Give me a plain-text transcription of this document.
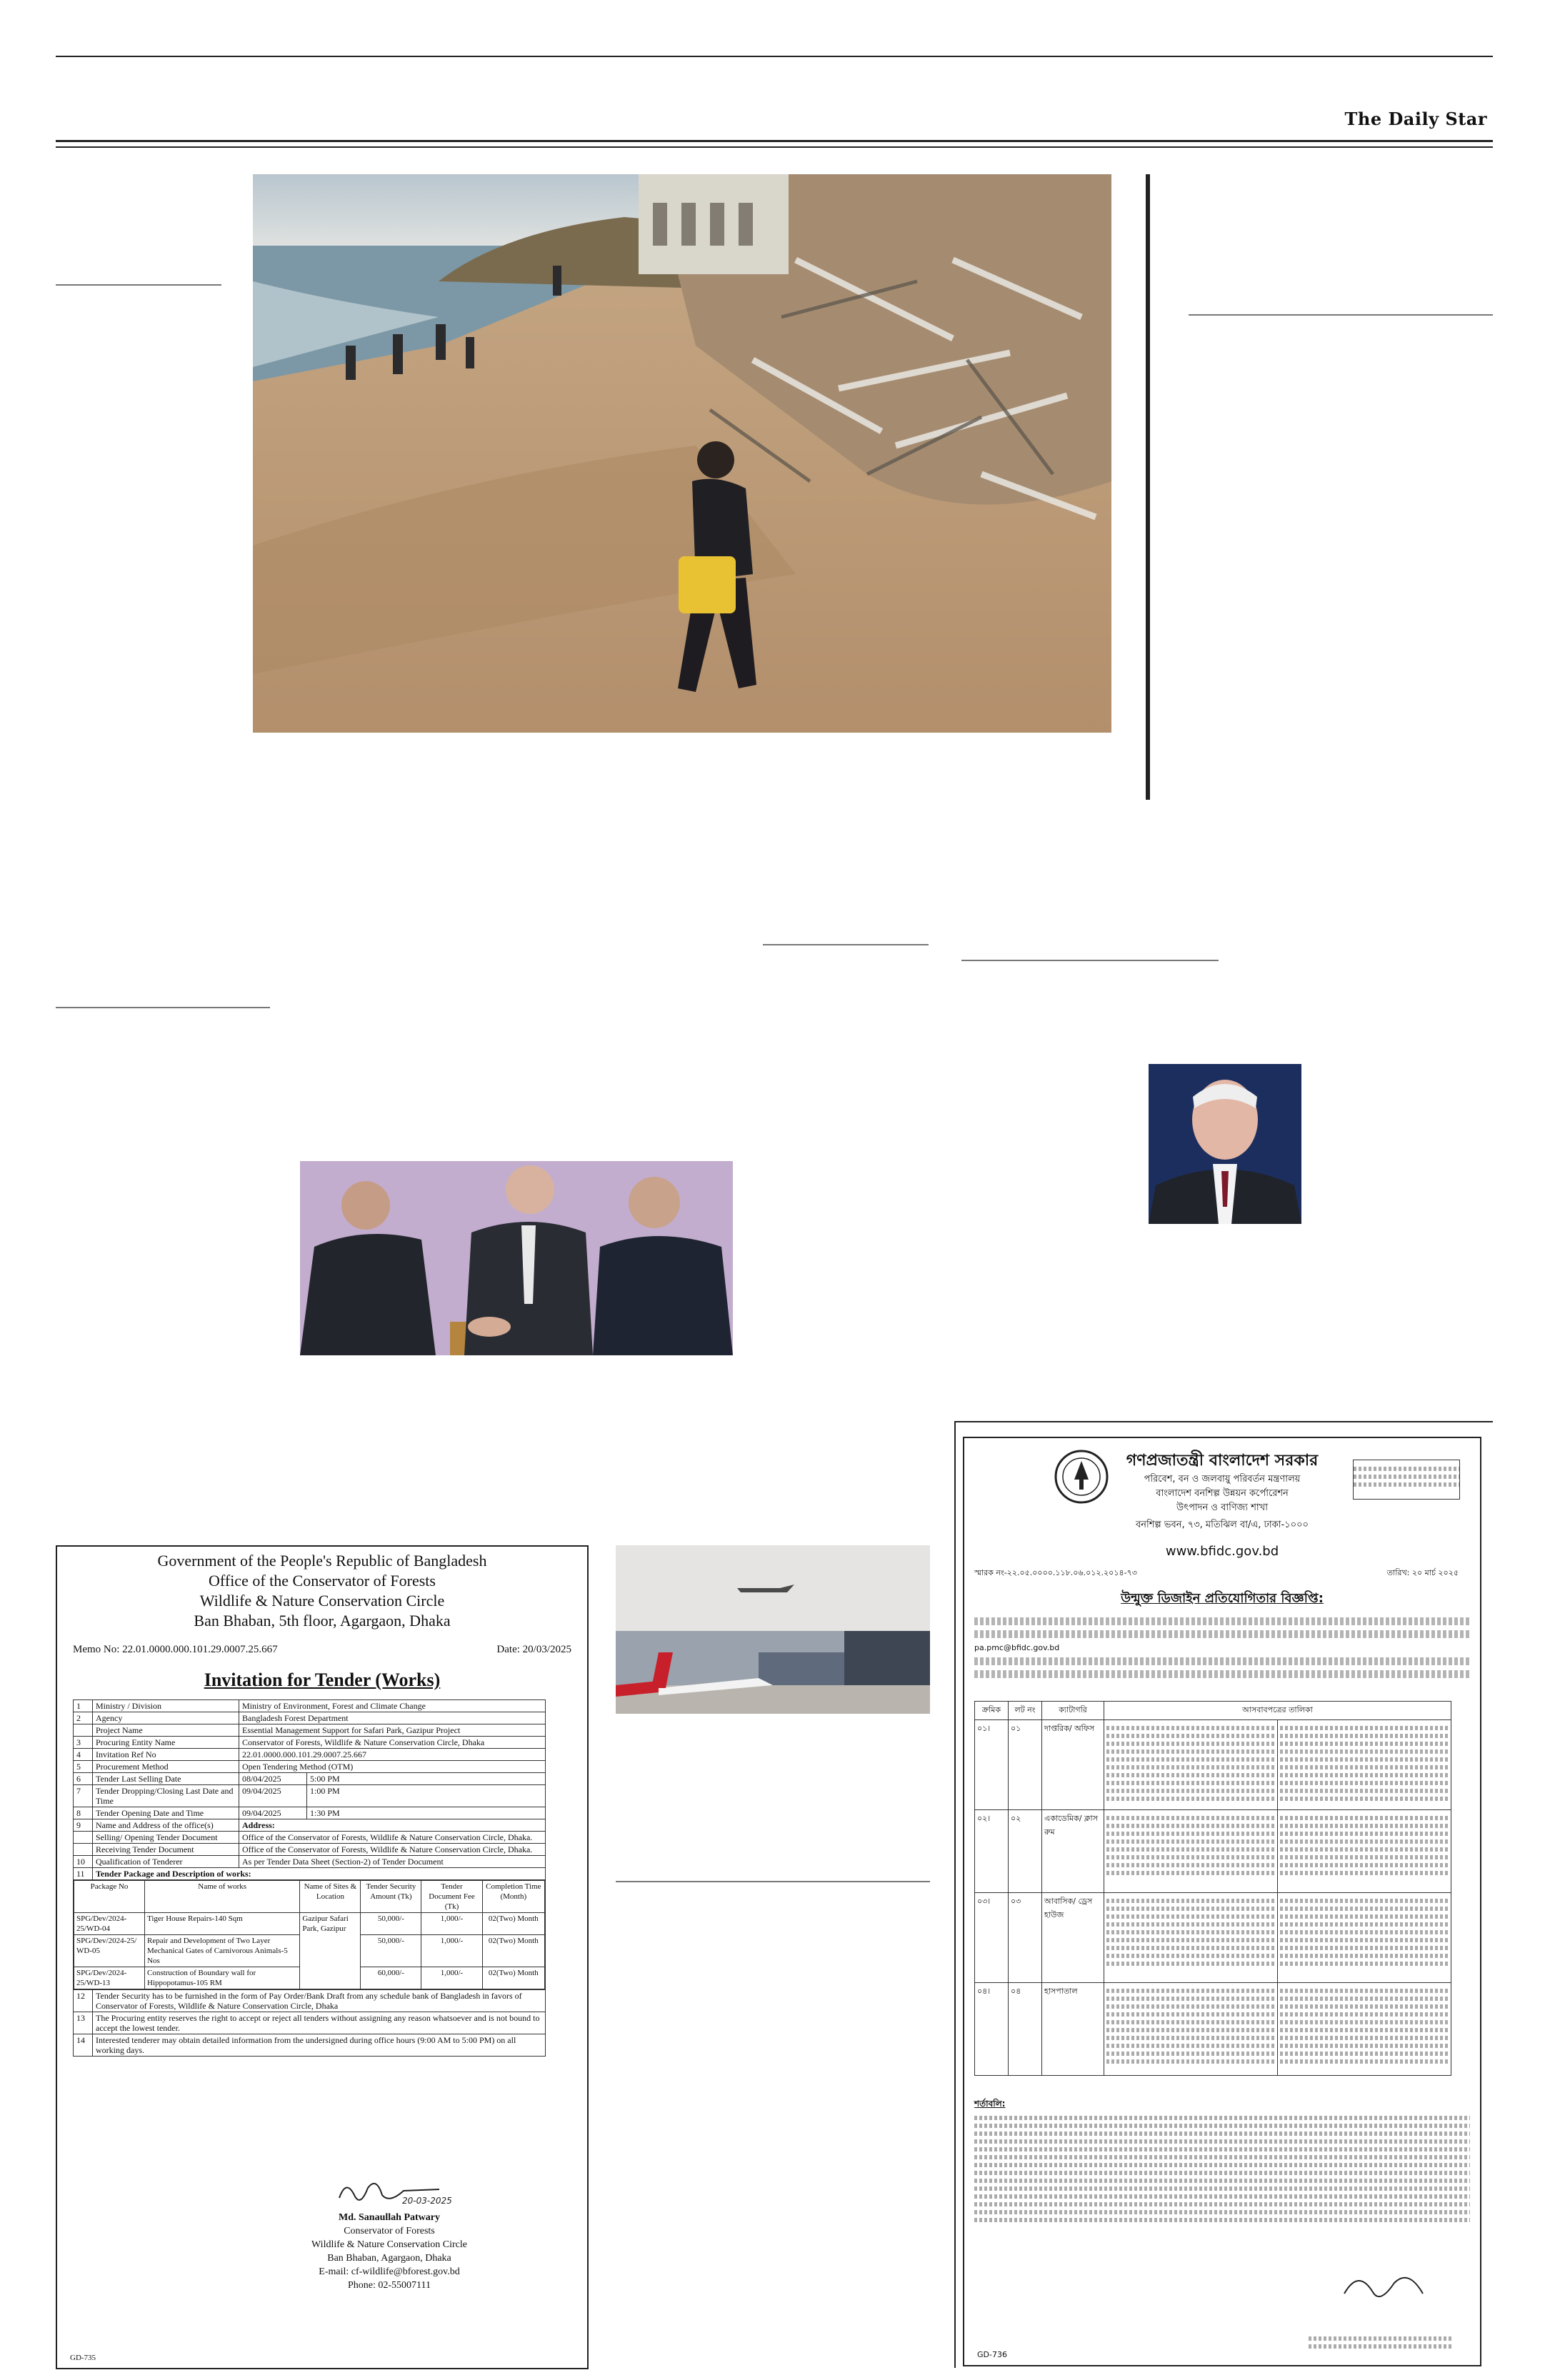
The Daily Star
Government of the People's Republic of Bangladesh
Office of the Conservator of Forests
Wildlife & Nature Conservation Circle
Ban Bhaban, 5th floor, Agargaon, Dhaka
Memo No: 22.01.0000.000.101.29.0007.25.667	Date: 20/03/2025
Invitation for Tender (Works)
1	Ministry / Division	Ministry of Environment, Forest and Climate Change
2	Agency	Bangladesh Forest Department
	Project Name	Essential Management Support for Safari Park, Gazipur Project
3	Procuring Entity Name	Conservator of Forests, Wildlife & Nature Conservation Circle, Dhaka
4	Invitation Ref No	22.01.0000.000.101.29.0007.25.667
5	Procurement Method	Open Tendering Method (OTM)
6	Tender Last Selling Date	08/04/2025	5:00 PM
7	Tender Dropping/Closing Last Date and Time	09/04/2025	1:00 PM
8	Tender Opening Date and Time	09/04/2025	1:30 PM
9	Name and Address of the office(s)	Address:
	Selling/ Opening Tender Document	Office of the Conservator of Forests, Wildlife & Nature Conservation Circle, Dhaka.
	Receiving Tender Document	Office of the Conservator of Forests, Wildlife & Nature Conservation Circle, Dhaka.
10	Qualification of Tenderer	As per Tender Data Sheet (Section-2) of Tender Document
11	Tender Package and Description of works:

Package No	Name of works	Name of Sites & Location	Tender Security Amount (Tk)	Tender Document Fee (Tk)	Completion Time (Month)
SPG/Dev/2024-25/WD-04	Tiger House Repairs-140 Sqm	Gazipur Safari Park, Gazipur	50,000/-	1,000/-	02(Two) Month
SPG/Dev/2024-25/ WD-05	Repair and Development of Two Layer Mechanical Gates of Carnivorous Animals-5 Nos	50,000/-	1,000/-	02(Two) Month
SPG/Dev/2024-25/WD-13	Construction of Boundary wall for Hippopotamus-105 RM	60,000/-	1,000/-	02(Two) Month

12	Tender Security has to be furnished in the form of Pay Order/Bank Draft from any schedule bank of Bangladesh in favors of Conservator of Forests, Wildlife & Nature Conservation Circle, Dhaka
13	The Procuring entity reserves the right to accept or reject all tenders without assigning any reason whatsoever and is not bound to accept the lowest tender.
14	Interested tenderer may obtain detailed information from the undersigned during office hours (9:00 AM to 5:00 PM) on all working days.
20-03-2025
Md. Sanaullah Patwary
Conservator of Forests
Wildlife & Nature Conservation Circle
Ban Bhaban, Agargaon, Dhaka
E-mail: cf-wildlife@bforest.gov.bd
Phone: 02-55007111
GD-735
গণপ্রজাতন্ত্রী বাংলাদেশ সরকার
পরিবেশ, বন ও জলবায়ু পরিবর্তন মন্ত্রণালয়
বাংলাদেশ বনশিল্প উন্নয়ন কর্পোরেশন
উৎপাদন ও বাণিজ্য শাখা
বনশিল্প ভবন, ৭৩, মতিঝিল বা/এ, ঢাকা-১০০০
www.bfidc.gov.bd
স্মারক নং-২২.০৫.০০০০.১১৮.০৬.০১২.২০১৪-৭৩	তারিখ: ২০ মার্চ ২০২৫
উন্মুক্ত ডিজাইন প্রতিযোগিতার বিজ্ঞপ্তি:
pa.pmc@bfidc.gov.bd
ক্রমিক	লট নং	ক্যাটাগরি	আসবাবপত্রের তালিকা	
০১।	০১	দাপ্তরিক/ অফিস	

০২।	০২	একাডেমিক/ ক্লাস রুম	

০৩।	০৩	আবাসিক/ ড্রেস হাউজ	

০৪।	০৪	হাসপাতাল	

শর্তাবলি:
GD-736
